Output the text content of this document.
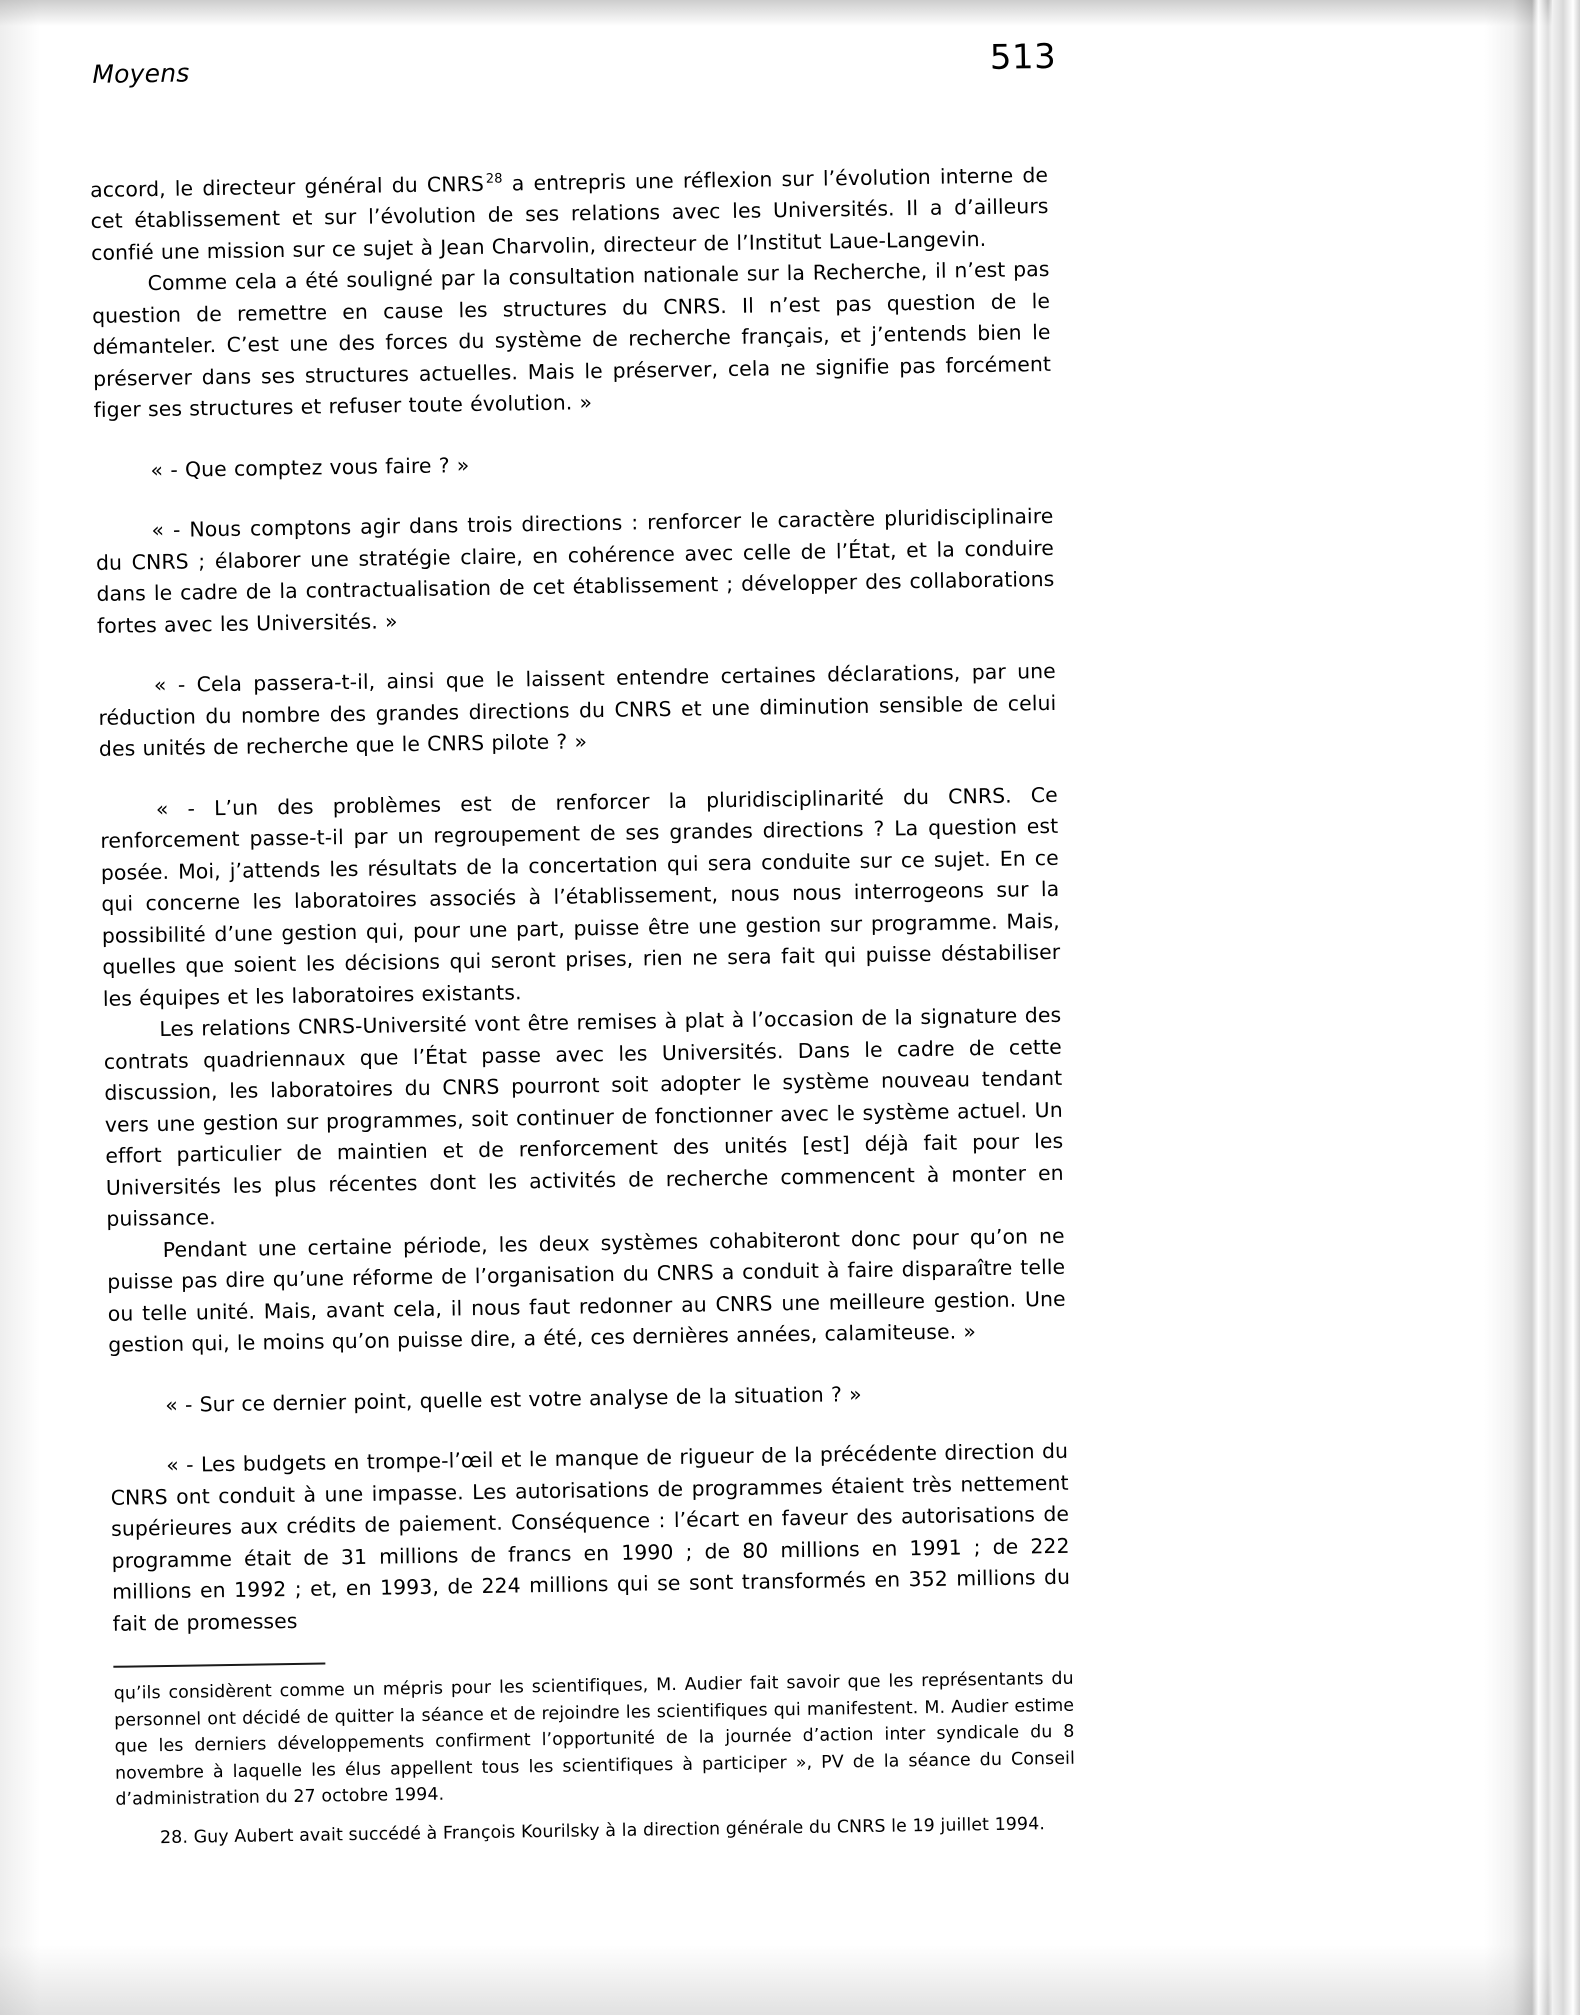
Moyens	513

accord, le directeur général du CNRS $^{28}$ a entrepris une réflexion sur l’évolution interne de cet établissement et sur l’évolution de ses relations avec les Universités. Il a d’ailleurs confié une mission sur ce sujet à Jean Charvolin, directeur de l’Institut Laue-Langevin.

Comme cela a été souligné par la consultation nationale sur la Recherche, il n’est pas question de remettre en cause les structures du CNRS. Il n’est pas question de le démanteler. C’est une des forces du système de recherche français, et j’entends bien le préserver dans ses structures actuelles. Mais le préserver, cela ne signifie pas forcément figer ses structures et refuser toute évolution. »

« - Que comptez vous faire ? »

« - Nous comptons agir dans trois directions : renforcer le caractère pluridisciplinaire du CNRS ; élaborer une stratégie claire, en cohérence avec celle de l’État, et la conduire dans le cadre de la contractualisation de cet établissement ; développer des collaborations fortes avec les Universités. »

« - Cela passera-t-il, ainsi que le laissent entendre certaines déclarations, par une réduction du nombre des grandes directions du CNRS et une diminution sensible de celui des unités de recherche que le CNRS pilote ? »

« - L’un des problèmes est de renforcer la pluridisciplinarité du CNRS. Ce renforcement passe-t-il par un regroupement de ses grandes directions ? La question est posée. Moi, j’attends les résultats de la concertation qui sera conduite sur ce sujet. En ce qui concerne les laboratoires associés à l’établissement, nous nous interrogeons sur la possibilité d’une gestion qui, pour une part, puisse être une gestion sur programme. Mais, quelles que soient les décisions qui seront prises, rien ne sera fait qui puisse déstabiliser les équipes et les laboratoires existants.

Les relations CNRS-Université vont être remises à plat à l’occasion de la signature des contrats quadriennaux que l’État passe avec les Universités. Dans le cadre de cette discussion, les laboratoires du CNRS pourront soit adopter le système nouveau tendant vers une gestion sur programmes, soit continuer de fonctionner avec le système actuel. Un effort particulier de maintien et de renforcement des unités [est] déjà fait pour les Universités les plus récentes dont les activités de recherche commencent à monter en puissance.

Pendant une certaine période, les deux systèmes cohabiteront donc pour qu’on ne puisse pas dire qu’une réforme de l’organisation du CNRS a conduit à faire disparaître telle ou telle unité. Mais, avant cela, il nous faut redonner au CNRS une meilleure gestion. Une gestion qui, le moins qu’on puisse dire, a été, ces dernières années, calamiteuse. »

« - Sur ce dernier point, quelle est votre analyse de la situation ? »

« - Les budgets en trompe-l’œil et le manque de rigueur de la précédente direction du CNRS ont conduit à une impasse. Les autorisations de programmes étaient très nettement supérieures aux crédits de paiement. Conséquence : l’écart en faveur des autorisations de programme était de 31 millions de francs en 1990 ; de 80 millions en 1991 ; de 222 millions en 1992 ; et, en 1993, de 224 millions qui se sont transformés en 352 millions du fait de promesses

qu’ils considèrent comme un mépris pour les scientifiques, M. Audier fait savoir que les représentants du personnel ont décidé de quitter la séance et de rejoindre les scientifiques qui manifestent. M. Audier estime que les derniers développements confirment l’opportunité de la journée d’action inter syndicale du 8 novembre à laquelle les élus appellent tous les scientifiques à participer », PV de la séance du Conseil d’administration du 27 octobre 1994.

28. Guy Aubert avait succédé à François Kourilsky à la direction générale du CNRS le 19 juillet 1994.
